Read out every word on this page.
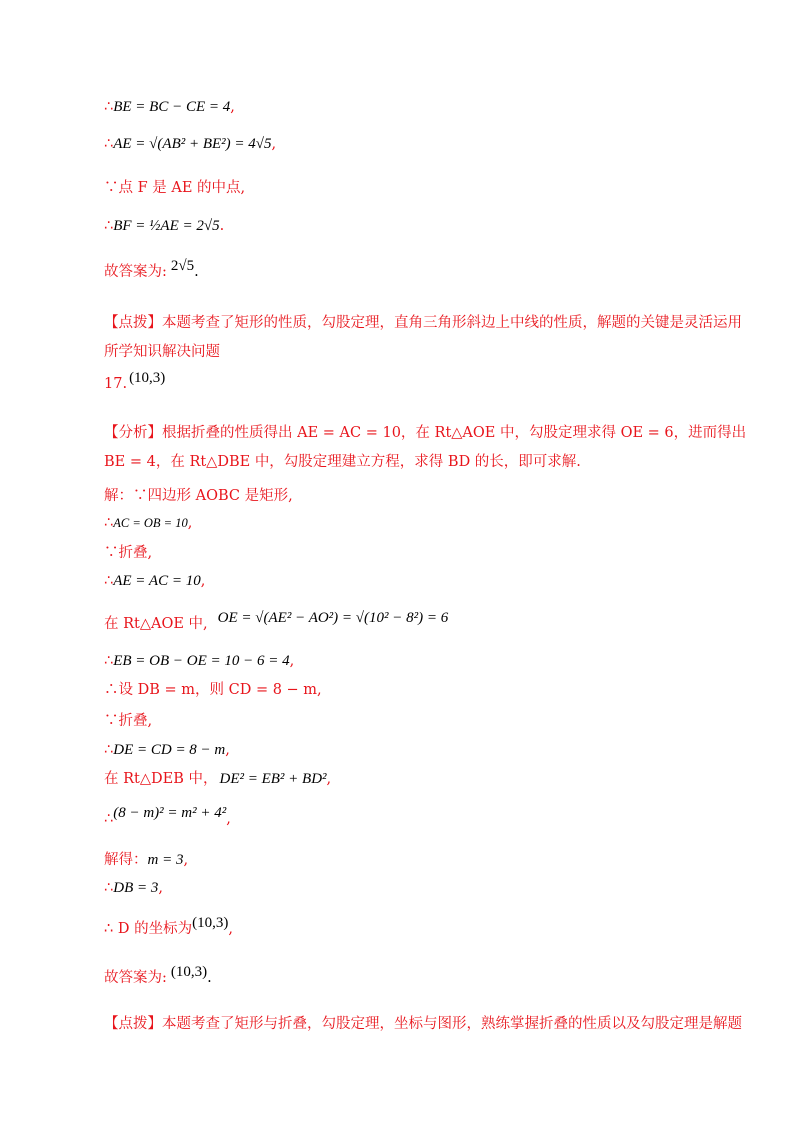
∴ BE = BC − CE = 4 ,
∴ AE = √(AB² + BE²) = 4√5 ,
∵点 F 是 AE 的中点,
∴ BF = ½AE = 2√5 .
故答案为: 2√5 .
【点拨】本题考查了矩形的性质，勾股定理，直角三角形斜边上中线的性质，解题的关键是灵活运用
所学知识解决问题
17. (10,3)
【分析】根据折叠的性质得出 AE = AC = 10，在 Rt△AOE 中，勾股定理求得 OE = 6，进而得出
BE = 4，在 Rt△DBE 中，勾股定理建立方程，求得 BD 的长，即可求解.
解：∵四边形 AOBC 是矩形,
∴ AC = OB = 10 ,
∵折叠,
∴ AE = AC = 10 ,
在 Rt△AOE 中, OE = √(AE² − AO²) = √(10² − 8²) = 6
∴ EB = OB − OE = 10 − 6 = 4 ,
∴设 DB = m，则 CD = 8 − m,
∵折叠,
∴ DE = CD = 8 − m ,
在 Rt△DEB 中， DE² = EB² + BD² ,
∴ (8 − m)² = m² + 4² ,
解得： m = 3 ,
∴ DB = 3 ,
∴ D 的坐标为 (10,3) ,
故答案为: (10,3) .
【点拨】本题考查了矩形与折叠，勾股定理，坐标与图形，熟练掌握折叠的性质以及勾股定理是解题
